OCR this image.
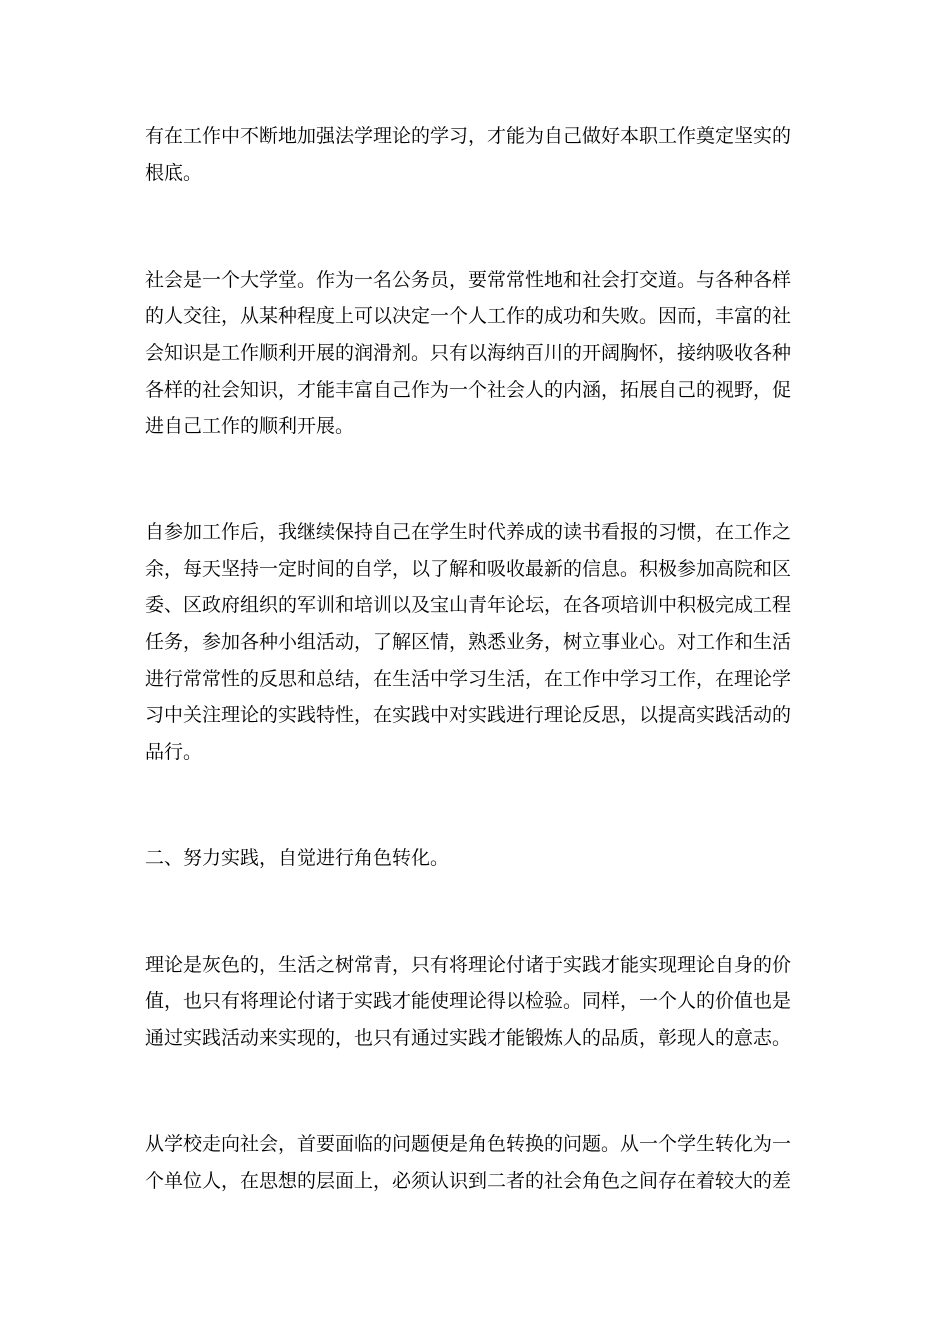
有在工作中不断地加强法学理论的学习，才能为自己做好本职工作奠定坚实的

根底。

社会是一个大学堂。作为一名公务员，要常常性地和社会打交道。与各种各样

的人交往，从某种程度上可以决定一个人工作的成功和失败。因而，丰富的社

会知识是工作顺利开展的润滑剂。只有以海纳百川的开阔胸怀，接纳吸收各种

各样的社会知识，才能丰富自己作为一个社会人的内涵，拓展自己的视野，促

进自己工作的顺利开展。

自参加工作后，我继续保持自己在学生时代养成的读书看报的习惯，在工作之

余，每天坚持一定时间的自学，以了解和吸收最新的信息。积极参加高院和区

委、区政府组织的军训和培训以及宝山青年论坛，在各项培训中积极完成工程

任务，参加各种小组活动，了解区情，熟悉业务，树立事业心。对工作和生活

进行常常性的反思和总结，在生活中学习生活，在工作中学习工作，在理论学

习中关注理论的实践特性，在实践中对实践进行理论反思，以提高实践活动的

品行。

二、努力实践，自觉进行角色转化。

理论是灰色的，生活之树常青，只有将理论付诸于实践才能实现理论自身的价

值，也只有将理论付诸于实践才能使理论得以检验。同样，一个人的价值也是

通过实践活动来实现的，也只有通过实践才能锻炼人的品质，彰现人的意志。

从学校走向社会，首要面临的问题便是角色转换的问题。从一个学生转化为一

个单位人，在思想的层面上，必须认识到二者的社会角色之间存在着较大的差
